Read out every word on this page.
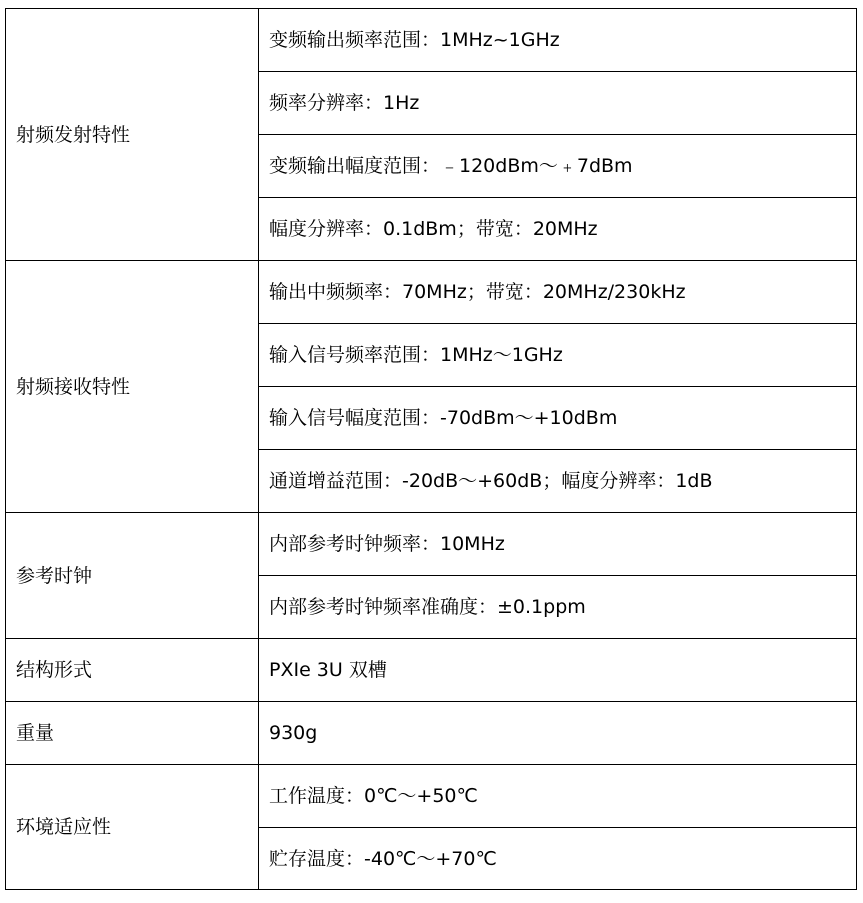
射频发射特性	变频输出频率范围：1MHz~1GHz
	频率分辨率：1Hz
	变频输出幅度范围：﹣120dBm～﹢7dBm
	幅度分辨率：0.1dBm；带宽：20MHz
射频接收特性	输出中频频率：70MHz；带宽：20MHz/230kHz
	输入信号频率范围：1MHz～1GHz
	输入信号幅度范围：-70dBm～+10dBm
	通道增益范围：-20dB～+60dB；幅度分辨率：1dB
参考时钟	内部参考时钟频率：10MHz
	内部参考时钟频率准确度：±0.1ppm
结构形式	PXIe 3U 双槽
重量	930g
环境适应性	工作温度：0℃～+50℃
	贮存温度：-40℃～+70℃
